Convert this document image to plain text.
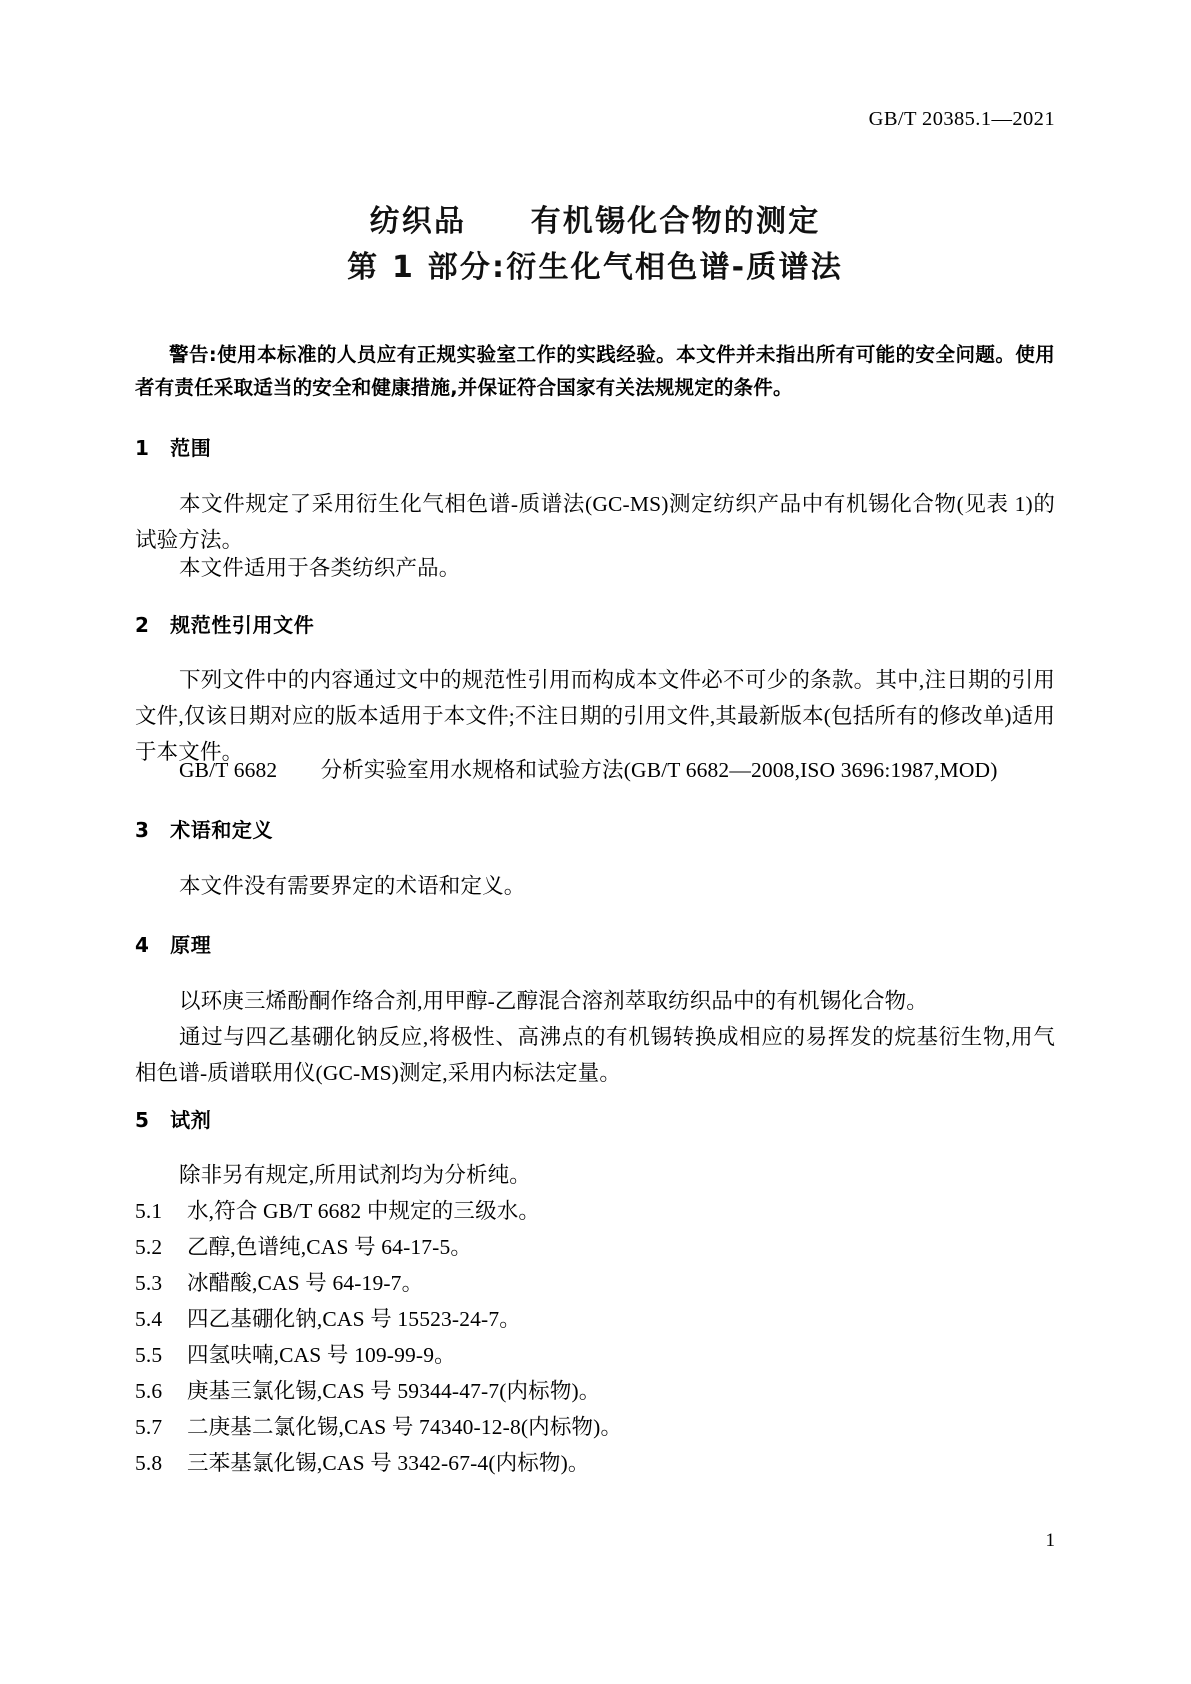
GB/T 20385.1—2021
纺织品　　有机锡化合物的测定
第 1 部分:衍生化气相色谱-质谱法
警告:使用本标准的人员应有正规实验室工作的实践经验。本文件并未指出所有可能的安全问题。使用者有责任采取适当的安全和健康措施,并保证符合国家有关法规规定的条件。
1　范围
本文件规定了采用衍生化气相色谱-质谱法(GC-MS)测定纺织产品中有机锡化合物(见表 1)的试验方法。
本文件适用于各类纺织产品。
2　规范性引用文件
下列文件中的内容通过文中的规范性引用而构成本文件必不可少的条款。其中,注日期的引用文件,仅该日期对应的版本适用于本文件;不注日期的引用文件,其最新版本(包括所有的修改单)适用于本文件。
GB/T 6682　　分析实验室用水规格和试验方法(GB/T 6682—2008,ISO 3696:1987,MOD)
3　术语和定义
本文件没有需要界定的术语和定义。
4　原理
以环庚三烯酚酮作络合剂,用甲醇-乙醇混合溶剂萃取纺织品中的有机锡化合物。
通过与四乙基硼化钠反应,将极性、高沸点的有机锡转换成相应的易挥发的烷基衍生物,用气相色谱-质谱联用仪(GC-MS)测定,采用内标法定量。
5　试剂
除非另有规定,所用试剂均为分析纯。
5.1 水,符合 GB/T 6682 中规定的三级水。
5.2 乙醇,色谱纯,CAS 号 64-17-5。
5.3 冰醋酸,CAS 号 64-19-7。
5.4 四乙基硼化钠,CAS 号 15523-24-7。
5.5 四氢呋喃,CAS 号 109-99-9。
5.6 庚基三氯化锡,CAS 号 59344-47-7(内标物)。
5.7 二庚基二氯化锡,CAS 号 74340-12-8(内标物)。
5.8 三苯基氯化锡,CAS 号 3342-67-4(内标物)。
1
